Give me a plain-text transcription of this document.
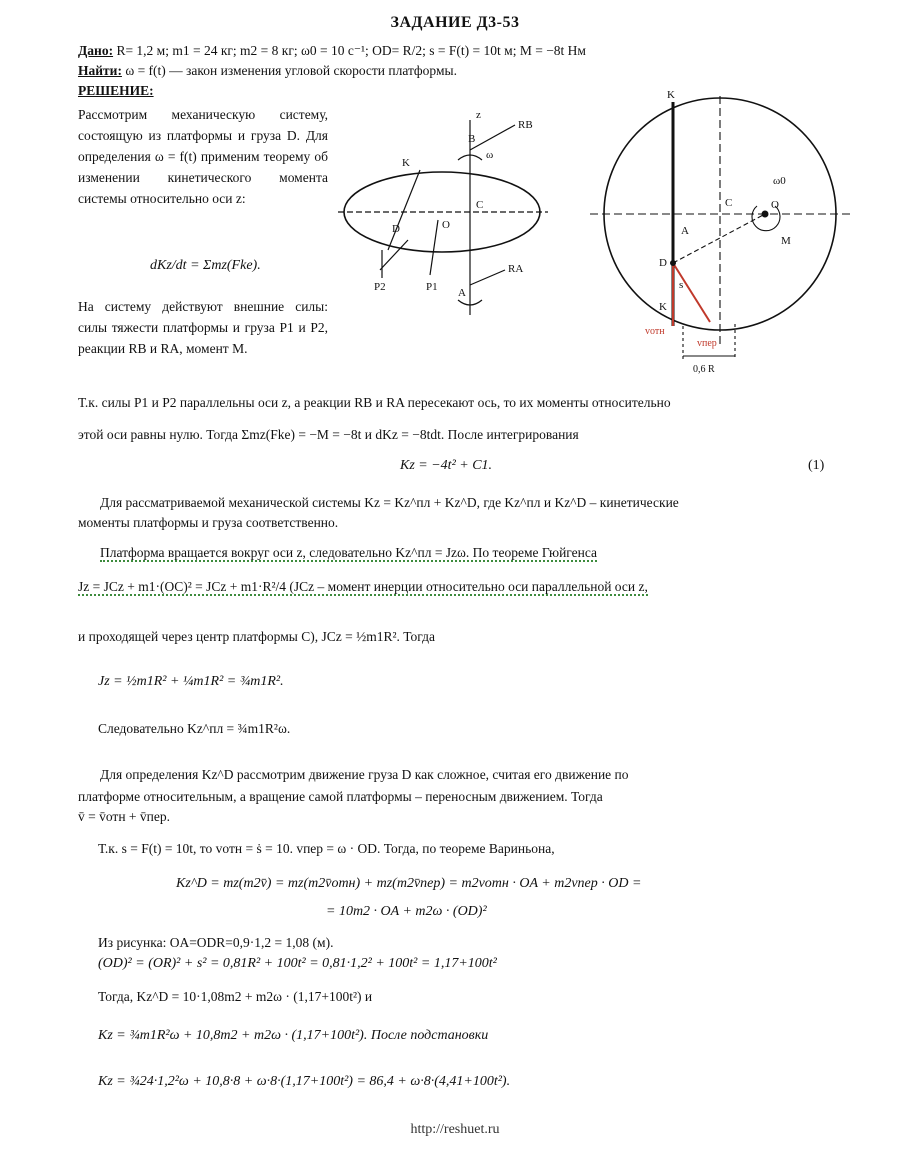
ЗАДАНИЕ Д3-53
Дано: R= 1,2 м; m1 = 24 кг; m2 = 8 кг; ω0 = 10 с⁻¹; OD= R/2; s = F(t) = 10t м; M = −8t Нм
Найти: ω = f(t) — закон изменения угловой скорости платформы.
РЕШЕНИЕ:
Рассмотрим механическую систему, состоящую из платформы и груза D. Для определения ω = f(t) применим теорему об изменении кинетического момента системы относительно оси z:
dKz/dt = Σmz(Fke).
На систему действуют внешние силы: силы тяжести платформы и груза P1 и P2, реакции RB и RA, момент M.
K
D	O
B
A
C
z
P1
P2
RB
RA
ω
K
A
C	O
D
K
ω0
M
s
vотн
vпер
0,6 R
Т.к. силы P1 и P2 параллельны оси z, а реакции RB и RA пересекают ось, то их моменты относительно
этой оси равны нулю. Тогда Σmz(Fke) = −M = −8t и dKz = −8tdt. После интегрирования
Kz = −4t² + C1.	(1)
Для рассматриваемой механической системы Kz = Kz^пл + Kz^D, где Kz^пл и Kz^D – кинетические
моменты платформы и груза соответственно.
Платформа вращается вокруг оси z, следовательно Kz^пл = Jzω. По теореме Гюйгенса
Jz = JCz + m1·(OC)² = JCz + m1·R²/4 (JCz – момент инерции относительно оси параллельной оси z,
и проходящей через центр платформы С), JCz = ½m1R². Тогда
Jz = ½m1R² + ¼m1R² = ¾m1R².
Следовательно Kz^пл = ¾m1R²ω.
Для определения Kz^D рассмотрим движение груза D как сложное, считая его движение по
платформе относительным, а вращение самой платформы – переносным движением. Тогда
v̄ = v̄отн + v̄пер.
Т.к. s = F(t) = 10t, то vотн = ṡ = 10. vпер = ω · OD. Тогда, по теореме Вариньона,
Kz^D = mz(m2v̄) = mz(m2v̄отн) + mz(m2v̄пер) = m2vотн · OA + m2vпер · OD =
= 10m2 · OA + m2ω · (OD)²
Из рисунка: OA=ODR=0,9·1,2 = 1,08 (м).
(OD)² = (OR)² + s² = 0,81R² + 100t² = 0,81·1,2² + 100t² = 1,17+100t²
Тогда, Kz^D = 10·1,08m2 + m2ω · (1,17+100t²) и
Kz = ¾m1R²ω + 10,8m2 + m2ω · (1,17+100t²). После подстановки
Kz = ¾24·1,2²ω + 10,8·8 + ω·8·(1,17+100t²) = 86,4 + ω·8·(4,41+100t²).
http://reshuet.ru
